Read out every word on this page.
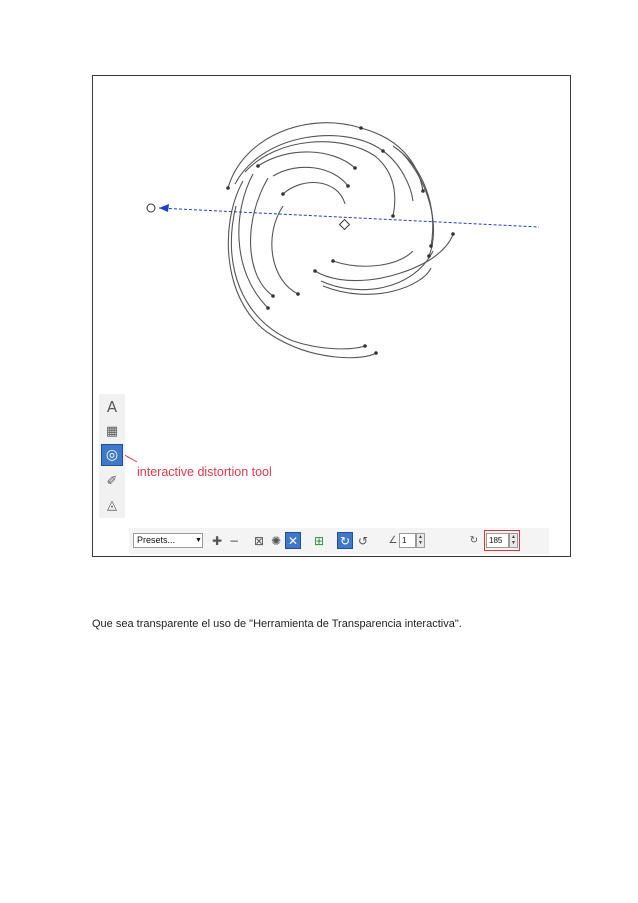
A
▦
◎
✐
◬
interactive distortion tool
Presets...	▼ ✚ − ⊠ ✺ ✕ ⊞ ↻ ↺	∠ 1	▲
▼	↻	185	▲
▼
Que sea transparente el uso de "Herramienta de Transparencia interactiva".
